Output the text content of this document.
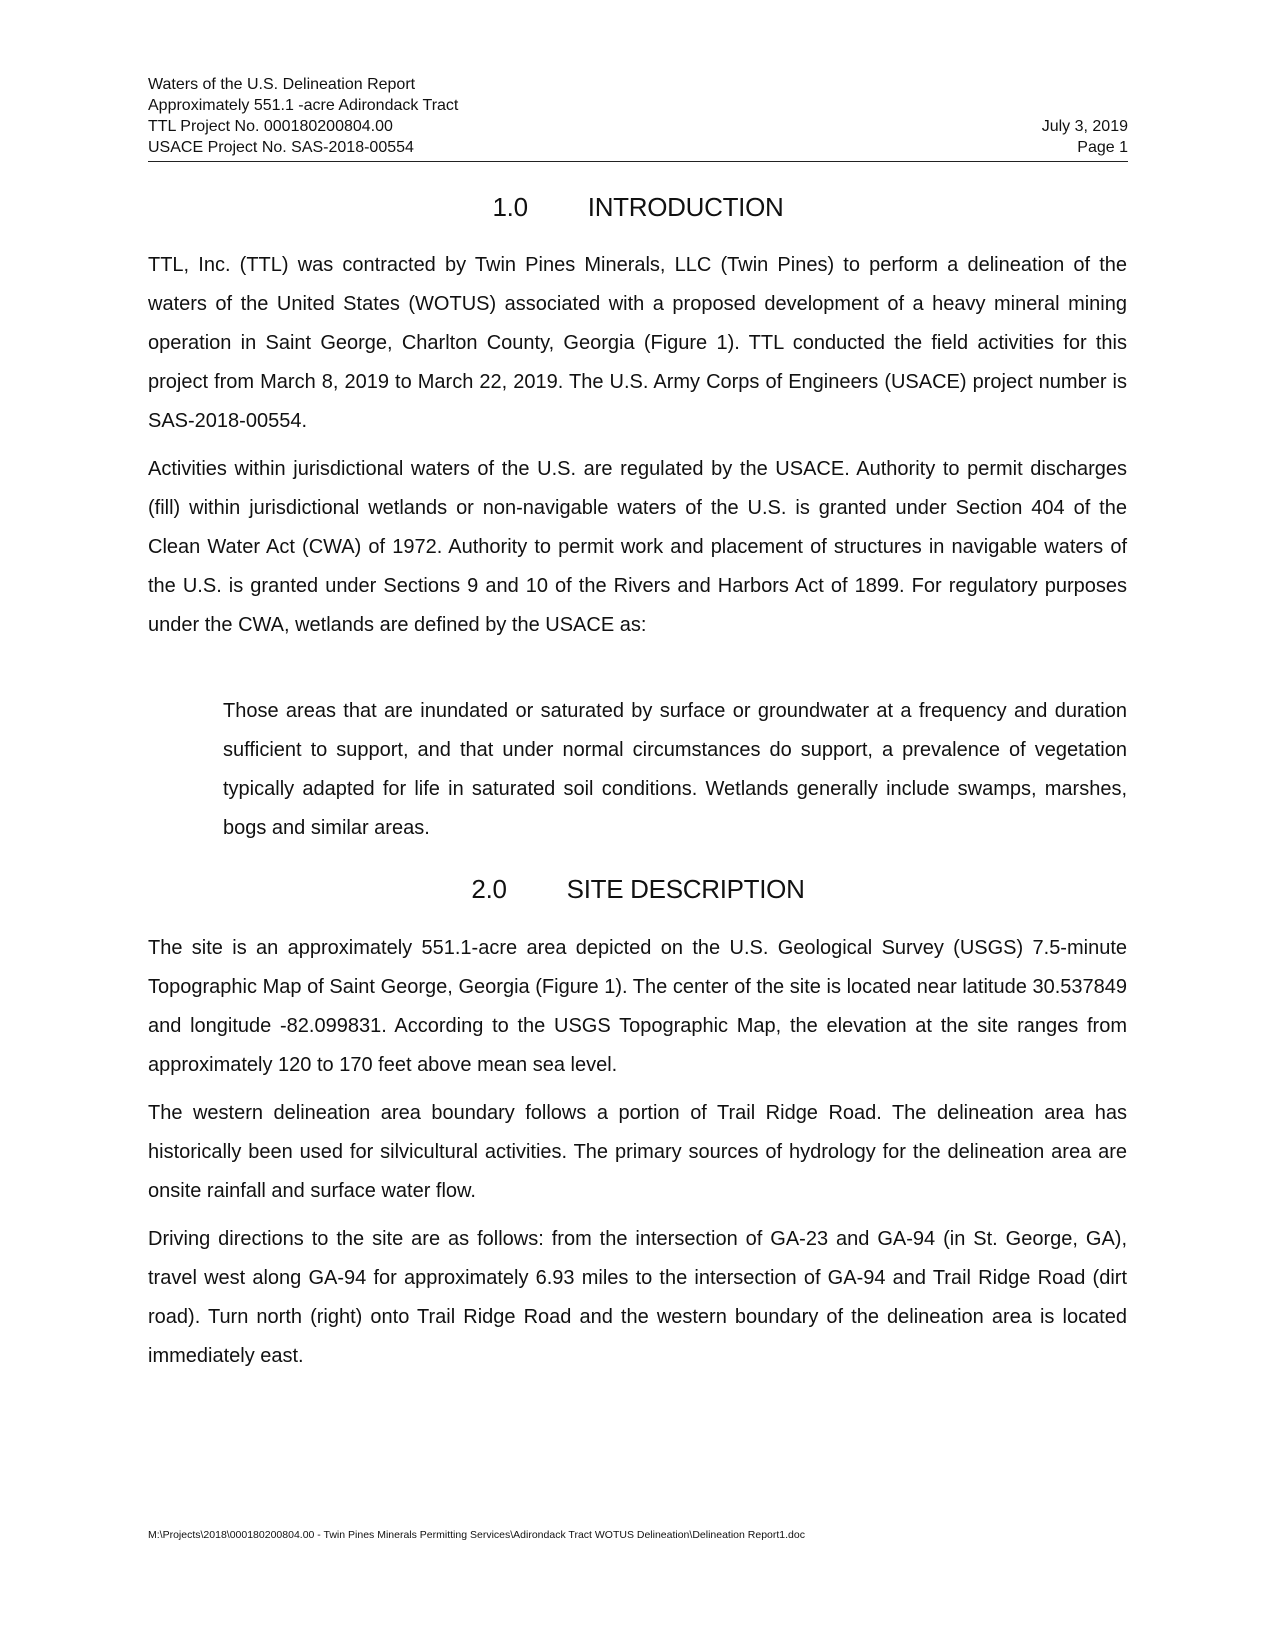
Waters of the U.S. Delineation Report
Approximately 551.1 -acre Adirondack Tract
TTL Project No. 000180200804.00	July 3, 2019
USACE Project No. SAS-2018-00554	Page 1
1.0 INTRODUCTION

TTL, Inc. (TTL) was contracted by Twin Pines Minerals, LLC (Twin Pines) to perform a delineation of the waters of the United States (WOTUS) associated with a proposed development of a heavy mineral mining operation in Saint George, Charlton County, Georgia (Figure 1). TTL conducted the field activities for this project from March 8, 2019 to March 22, 2019. The U.S. Army Corps of Engineers (USACE) project number is SAS-2018-00554.

Activities within jurisdictional waters of the U.S. are regulated by the USACE. Authority to permit discharges (fill) within jurisdictional wetlands or non-navigable waters of the U.S. is granted under Section 404 of the Clean Water Act (CWA) of 1972. Authority to permit work and placement of structures in navigable waters of the U.S. is granted under Sections 9 and 10 of the Rivers and Harbors Act of 1899. For regulatory purposes under the CWA, wetlands are defined by the USACE as:

Those areas that are inundated or saturated by surface or groundwater at a frequency and duration sufficient to support, and that under normal circumstances do support, a prevalence of vegetation typically adapted for life in saturated soil conditions. Wetlands generally include swamps, marshes, bogs and similar areas.

2.0 SITE DESCRIPTION

The site is an approximately 551.1-acre area depicted on the U.S. Geological Survey (USGS) 7.5-minute Topographic Map of Saint George, Georgia (Figure 1). The center of the site is located near latitude 30.537849 and longitude -82.099831. According to the USGS Topographic Map, the elevation at the site ranges from approximately 120 to 170 feet above mean sea level.

The western delineation area boundary follows a portion of Trail Ridge Road. The delineation area has historically been used for silvicultural activities. The primary sources of hydrology for the delineation area are onsite rainfall and surface water flow.

Driving directions to the site are as follows: from the intersection of GA-23 and GA-94 (in St. George, GA), travel west along GA-94 for approximately 6.93 miles to the intersection of GA-94 and Trail Ridge Road (dirt road). Turn north (right) onto Trail Ridge Road and the western boundary of the delineation area is located immediately east.

M:\Projects\2018\000180200804.00 - Twin Pines Minerals Permitting Services\Adirondack Tract WOTUS Delineation\Delineation Report1.doc
